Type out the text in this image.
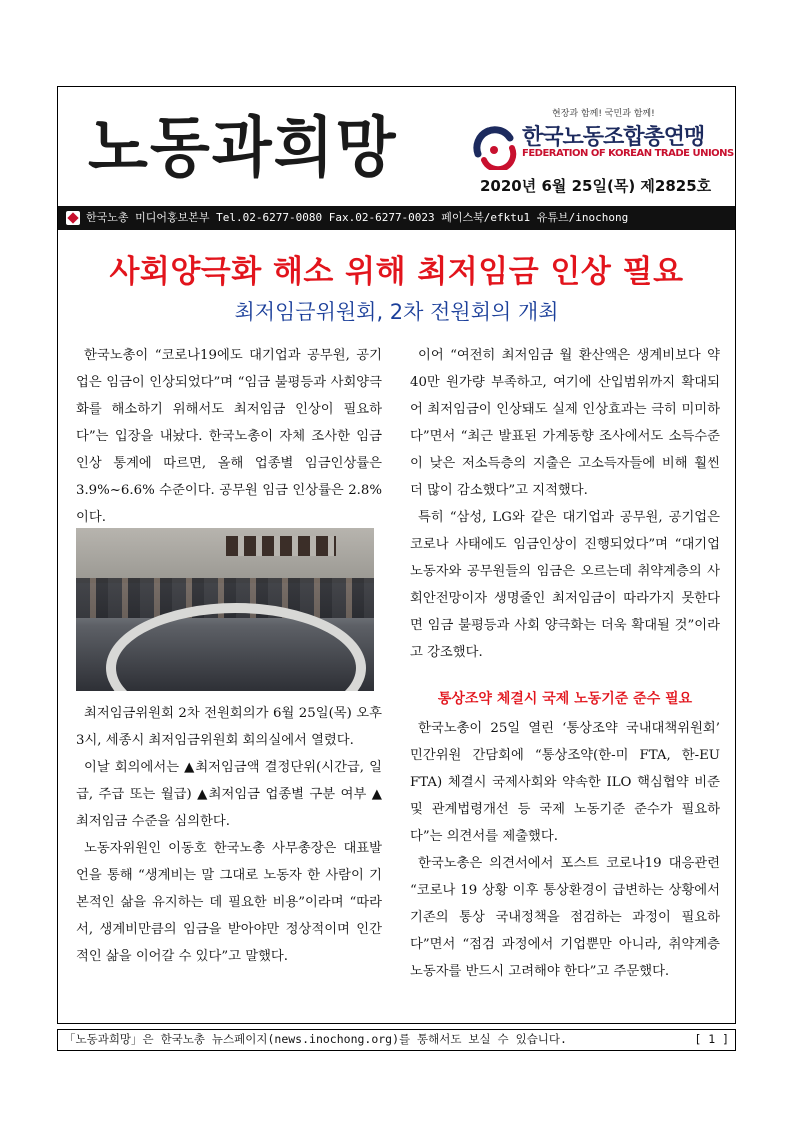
노동과희망	현장과 함께! 국민과 함께!
한국노동조합총연맹
FEDERATION OF KOREAN TRADE UNIONS
2020년 6월 25일(목) 제2825호
한국노총 미디어홍보본부 Tel.02-6277-0080 Fax.02-6277-0023 페이스북/efktu1 유튜브/inochong
사회양극화 해소 위해 최저임금 인상 필요
최저임금위원회, 2차 전원회의 개최

한국노총이 “코로나19에도 대기업과 공무원, 공기업은 임금이 인상되었다”며 “임금 불평등과 사회양극화를 해소하기 위해서도 최저임금 인상이 필요하다”는 입장을 내놨다. 한국노총이 자체 조사한 임금인상 통계에 따르면, 올해 업종별 임금인상률은 3.9%~6.6% 수준이다. 공무원 임금 인상률은 2.8%이다.

최저임금위원회 2차 전원회의가 6월 25일(목) 오후 3시, 세종시 최저임금위원회 회의실에서 열렸다.

이날 회의에서는 ▲최저임금액 결정단위(시간급, 일급, 주급 또는 월급) ▲최저임금 업종별 구분 여부 ▲최저임금 수준을 심의한다.

노동자위원인 이동호 한국노총 사무총장은 대표발언을 통해 “생계비는 말 그대로 노동자 한 사람이 기본적인 삶을 유지하는 데 필요한 비용”이라며 “따라서, 생계비만큼의 임금을 받아야만 정상적이며 인간적인 삶을 이어갈 수 있다”고 말했다.

이어 “여전히 최저임금 월 환산액은 생계비보다 약 40만 원가량 부족하고, 여기에 산입범위까지 확대되어 최저임금이 인상돼도 실제 인상효과는 극히 미미하다”면서 “최근 발표된 가계동향 조사에서도 소득수준이 낮은 저소득층의 지출은 고소득자들에 비해 훨씬 더 많이 감소했다”고 지적했다.

특히 “삼성, LG와 같은 대기업과 공무원, 공기업은 코로나 사태에도 임금인상이 진행되었다”며 “대기업 노동자와 공무원들의 임금은 오르는데 취약계층의 사회안전망이자 생명줄인 최저임금이 따라가지 못한다면 임금 불평등과 사회 양극화는 더욱 확대될 것”이라고 강조했다.

통상조약 체결시 국제 노동기준 준수 필요

한국노총이 25일 열린 ‘통상조약 국내대책위원회’ 민간위원 간담회에 “통상조약(한-미 FTA, 한-EU FTA) 체결시 국제사회와 약속한 ILO 핵심협약 비준 및 관계법령개선 등 국제 노동기준 준수가 필요하다”는 의견서를 제출했다.

한국노총은 의견서에서 포스트 코로나19 대응관련 “코로나 19 상황 이후 통상환경이 급변하는 상황에서 기존의 통상 국내정책을 점검하는 과정이 필요하다”면서 “점검 과정에서 기업뿐만 아니라, 취약계층 노동자를 반드시 고려해야 한다”고 주문했다.

「노동과희망」은 한국노총 뉴스페이지(news.inochong.org)를 통해서도 보실 수 있습니다.	[ 1 ]
